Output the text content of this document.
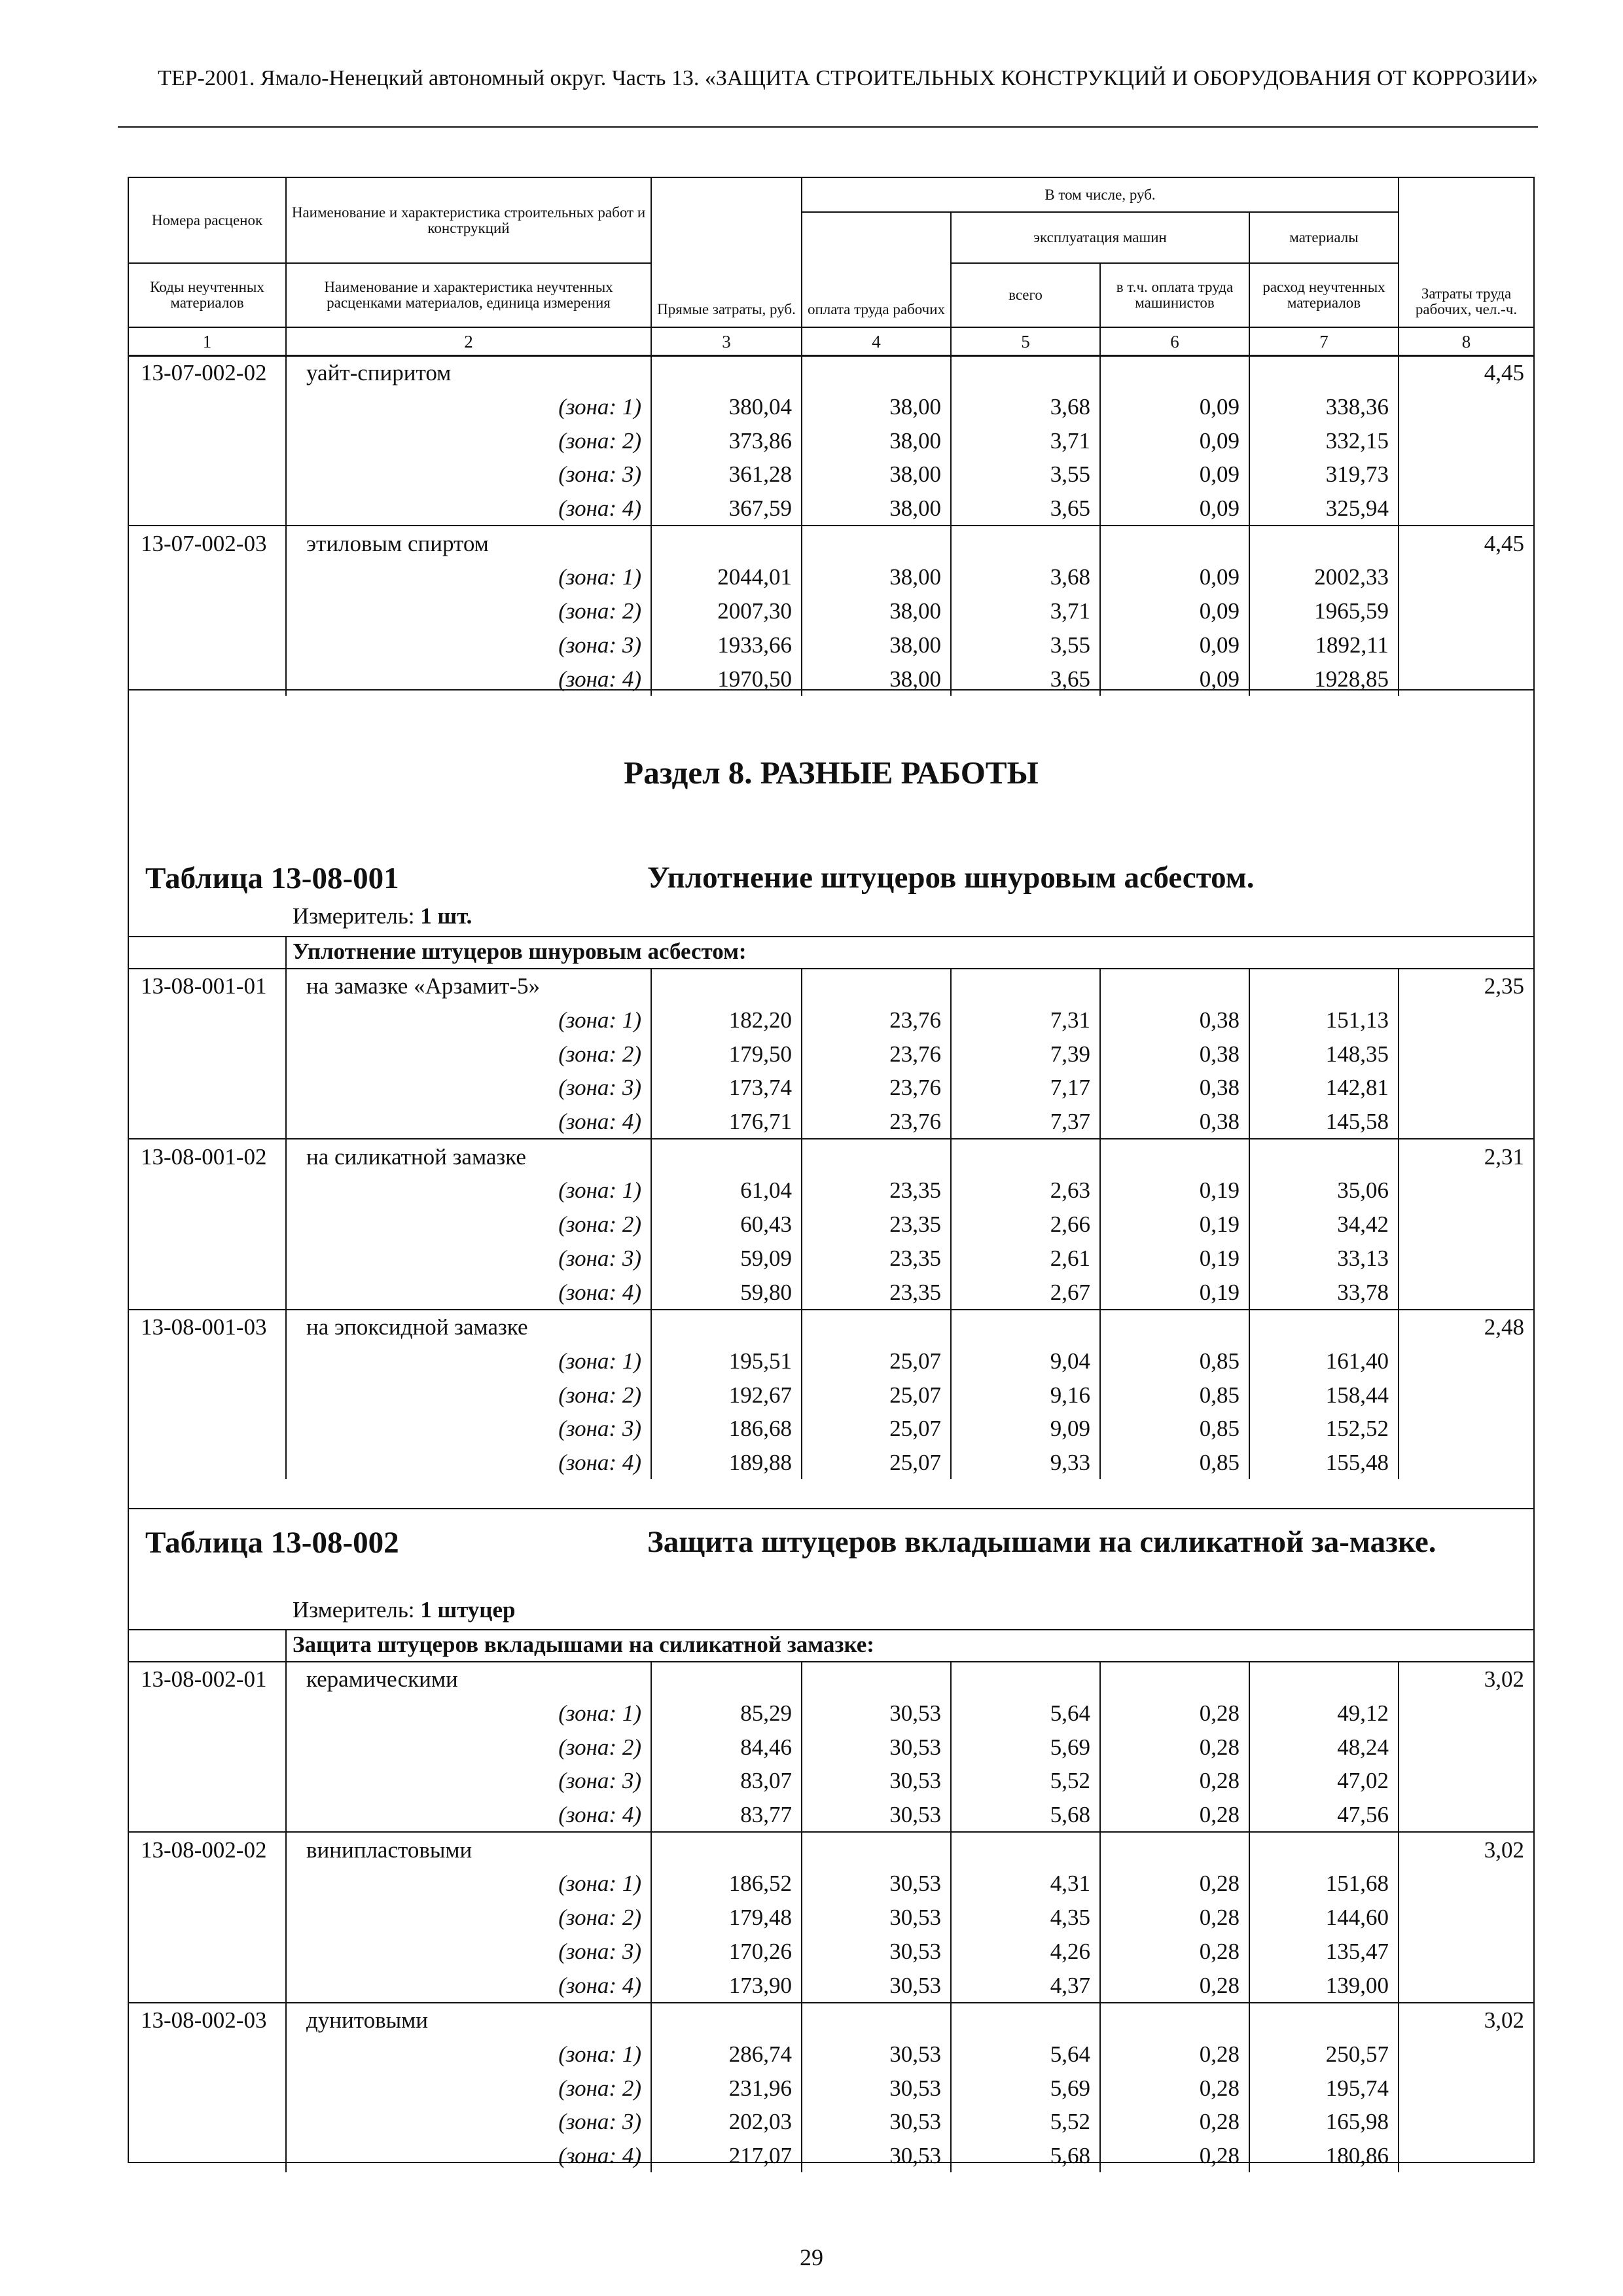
ТЕР-2001. Ямало-Ненецкий автономный округ. Часть 13. «ЗАЩИТА СТРОИТЕЛЬНЫХ КОНСТРУКЦИЙ И ОБОРУДОВАНИЯ ОТ КОРРОЗИИ»
Номера расценок	Наименование и характеристика строительных работ и конструкций	Прямые затраты, руб.	В том числе, руб.				Затраты труда рабочих, чел.-ч.
			оплата труда рабочих	эксплуатация машин		материалы	
Коды неучтенных материалов	Наименование и характеристика неучтенных расценками материалов, единица измерения			всего	в т.ч. оплата труда машинистов	расход неучтенных материалов	
1	2	3	4	5	6	7	8
13-07-002-02	уайт-спиритом						4,45
	(зона: 1)	380,04	38,00	3,68	0,09	338,36	
	(зона: 2)	373,86	38,00	3,71	0,09	332,15	
	(зона: 3)	361,28	38,00	3,55	0,09	319,73	
	(зона: 4)	367,59	38,00	3,65	0,09	325,94	
13-07-002-03	этиловым спиртом						4,45
	(зона: 1)	2044,01	38,00	3,68	0,09	2002,33	
	(зона: 2)	2007,30	38,00	3,71	0,09	1965,59	
	(зона: 3)	1933,66	38,00	3,55	0,09	1892,11	
	(зона: 4)	1970,50	38,00	3,65	0,09	1928,85	
Раздел 8. РАЗНЫЕ РАБОТЫ
Таблица 13-08-001	Уплотнение штуцеров шнуровым асбестом.
Измеритель: 1 шт.
Уплотнение штуцеров шнуровым асбестом:
13-08-001-01	на замазке «Арзамит-5»						2,35
	(зона: 1)	182,20	23,76	7,31	0,38	151,13	
	(зона: 2)	179,50	23,76	7,39	0,38	148,35	
	(зона: 3)	173,74	23,76	7,17	0,38	142,81	
	(зона: 4)	176,71	23,76	7,37	0,38	145,58	
13-08-001-02	на силикатной замазке						2,31
	(зона: 1)	61,04	23,35	2,63	0,19	35,06	
	(зона: 2)	60,43	23,35	2,66	0,19	34,42	
	(зона: 3)	59,09	23,35	2,61	0,19	33,13	
	(зона: 4)	59,80	23,35	2,67	0,19	33,78	
13-08-001-03	на эпоксидной замазке						2,48
	(зона: 1)	195,51	25,07	9,04	0,85	161,40	
	(зона: 2)	192,67	25,07	9,16	0,85	158,44	
	(зона: 3)	186,68	25,07	9,09	0,85	152,52	
	(зона: 4)	189,88	25,07	9,33	0,85	155,48	
Таблица 13-08-002	Защита штуцеров вкладышами на силикатной за-мазке.
Измеритель: 1 штуцер
Защита штуцеров вкладышами на силикатной замазке:
13-08-002-01	керамическими						3,02
	(зона: 1)	85,29	30,53	5,64	0,28	49,12	
	(зона: 2)	84,46	30,53	5,69	0,28	48,24	
	(зона: 3)	83,07	30,53	5,52	0,28	47,02	
	(зона: 4)	83,77	30,53	5,68	0,28	47,56	
13-08-002-02	винипластовыми						3,02
	(зона: 1)	186,52	30,53	4,31	0,28	151,68	
	(зона: 2)	179,48	30,53	4,35	0,28	144,60	
	(зона: 3)	170,26	30,53	4,26	0,28	135,47	
	(зона: 4)	173,90	30,53	4,37	0,28	139,00	
13-08-002-03	дунитовыми						3,02
	(зона: 1)	286,74	30,53	5,64	0,28	250,57	
	(зона: 2)	231,96	30,53	5,69	0,28	195,74	
	(зона: 3)	202,03	30,53	5,52	0,28	165,98	
	(зона: 4)	217,07	30,53	5,68	0,28	180,86	
29
